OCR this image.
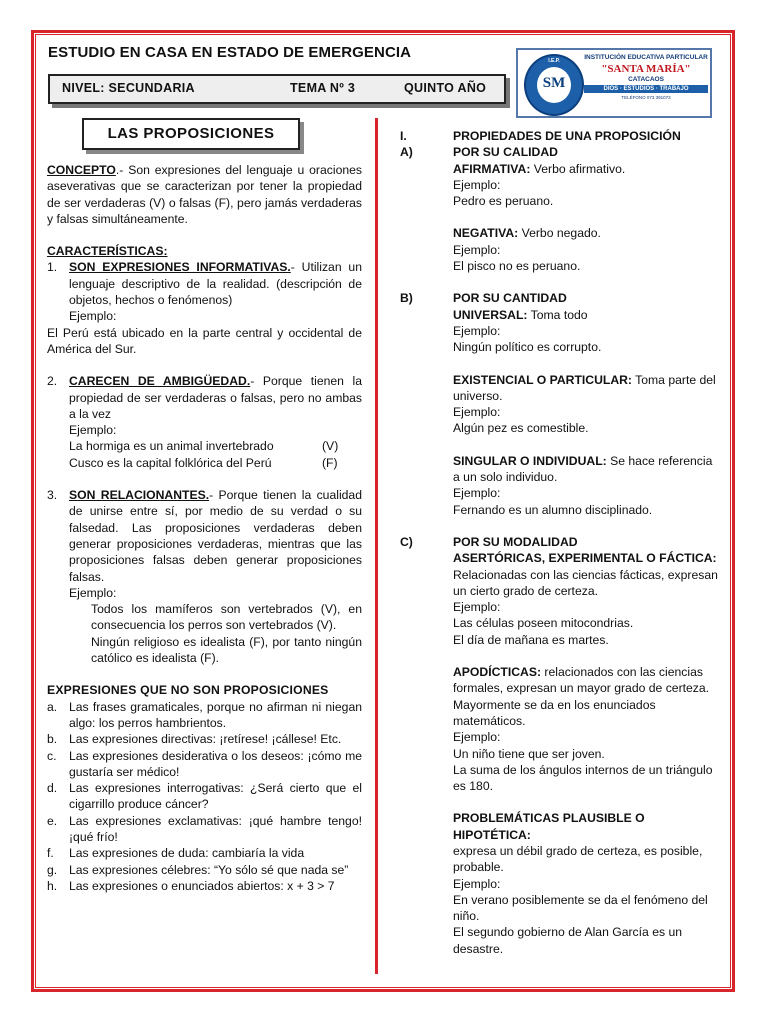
ESTUDIO EN CASA EN ESTADO DE EMERGENCIA
NIVEL: SECUNDARIA	TEMA Nº 3	QUINTO AÑO
I.E.P.
SM
INSTITUCIÓN EDUCATIVA PARTICULAR
"SANTA MARÍA"
CATACAOS
DIOS · ESTUDIOS · TRABAJO
TELÉFONO 073 391073
LAS PROPOSICIONES

CONCEPTO.- Son expresiones del lenguaje u oraciones aseverativas que se caracterizan por tener la propiedad de ser verdaderas (V) o falsas (F), pero jamás verdaderas y falsas simultáneamente.

CARACTERÍSTICAS:

1. SON EXPRESIONES INFORMATIVAS.- Utilizan un lenguaje descriptivo de la realidad. (descripción de objetos, hechos o fenómenos)

Ejemplo:

El Perú está ubicado en la parte central y occidental de América del Sur.

2. CARECEN DE AMBIGÜEDAD.- Porque tienen la propiedad de ser verdaderas o falsas, pero no ambas a la vez

Ejemplo:

La hormiga es un animal invertebrado	(V)
Cusco es la capital folklórica del Perú	(F)
3. SON RELACIONANTES.- Porque tienen la cualidad de unirse entre sí, por medio de su verdad o su falsedad. Las proposiciones verdaderas deben generar proposiciones verdaderas, mientras que las proposiciones falsas deben generar proposiciones falsas.

Ejemplo:

Todos los mamíferos son vertebrados (V), en consecuencia los perros son vertebrados (V).

Ningún religioso es idealista (F), por tanto ningún católico es idealista (F).

EXPRESIONES QUE NO SON PROPOSICIONES

a. Las frases gramaticales, porque no afirman ni niegan algo: los perros hambrientos.
b. Las expresiones directivas: ¡retírese! ¡cállese! Etc.
c. Las expresiones desiderativa o los deseos: ¡cómo me gustaría ser médico!
d. Las expresiones interrogativas: ¿Será cierto que el cigarrillo produce cáncer?
e. Las expresiones exclamativas: ¡qué hambre tengo! ¡qué frío!
f. Las expresiones de duda: cambiaría la vida
g. Las expresiones célebres: “Yo sólo sé que nada se”
h. Las expresiones o enunciados abiertos: x + 3 > 7

I.	PROPIEDADES DE UNA PROPOSICIÓN

A)	POR SU CALIDAD

AFIRMATIVA: Verbo afirmativo.

Ejemplo:

Pedro es peruano.

NEGATIVA: Verbo negado.

Ejemplo:

El pisco no es peruano.

B)	POR SU CANTIDAD

UNIVERSAL: Toma todo

Ejemplo:

Ningún político es corrupto.

EXISTENCIAL O PARTICULAR: Toma parte del universo.

Ejemplo:

Algún pez es comestible.

SINGULAR O INDIVIDUAL: Se hace referencia a un solo individuo.

Ejemplo:

Fernando es un alumno disciplinado.

C)	POR SU MODALIDAD

ASERTÓRICAS, EXPERIMENTAL O FÁCTICA:

Relacionadas con las ciencias fácticas, expresan un cierto grado de certeza.

Ejemplo:

Las células poseen mitocondrias.

El día de mañana es martes.

APODÍCTICAS: relacionados con las ciencias formales, expresan un mayor grado de certeza. Mayormente se da en los enunciados matemáticos.

Ejemplo:

Un niño tiene que ser joven.

La suma de los ángulos internos de un triángulo es 180.

PROBLEMÁTICAS PLAUSIBLE O HIPOTÉTICA:

expresa un débil grado de certeza, es posible, probable.

Ejemplo:

En verano posiblemente se da el fenómeno del niño.

El segundo gobierno de Alan García es un desastre.
